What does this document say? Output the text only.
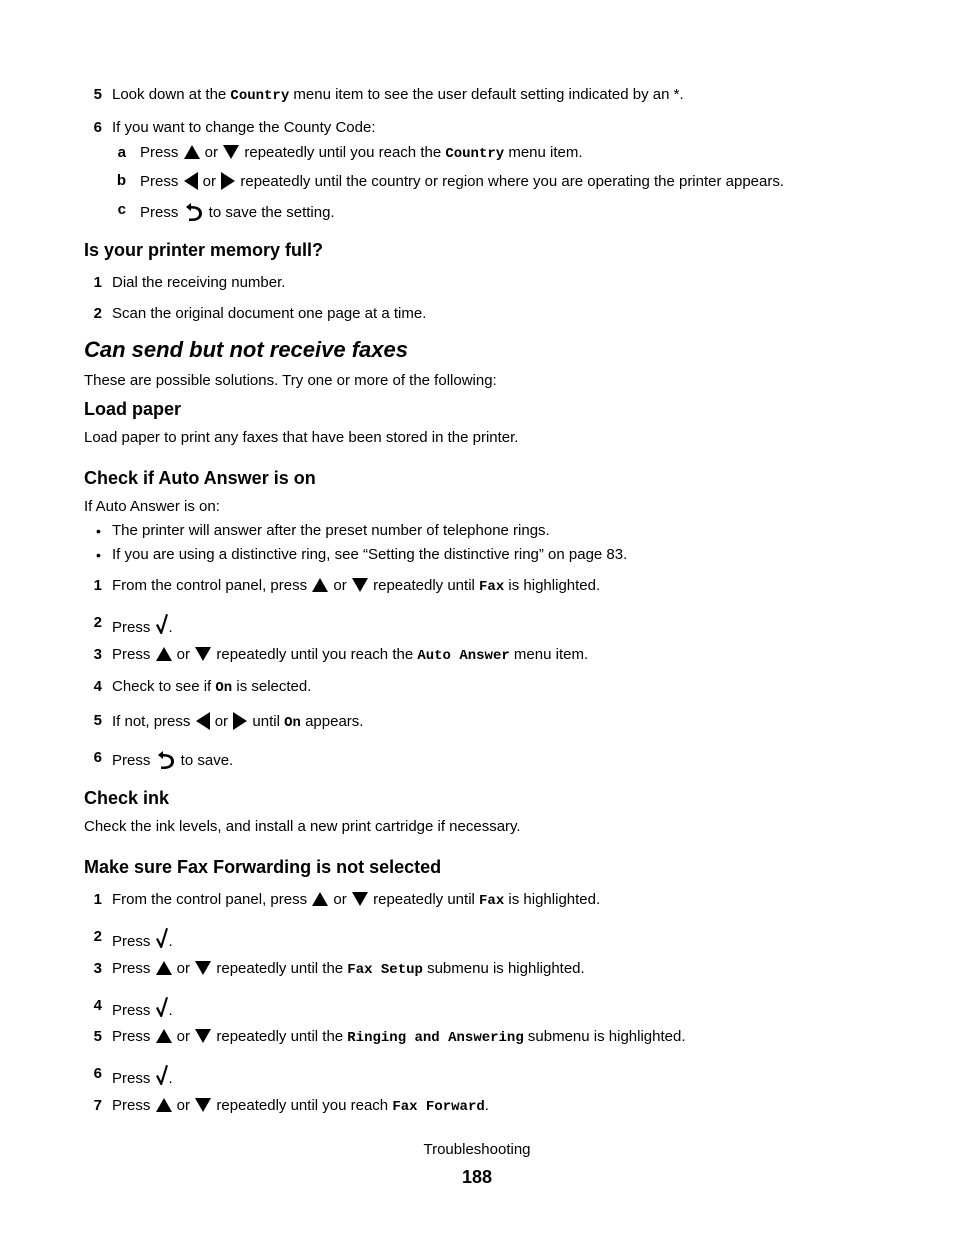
5 Look down at the Country menu item to see the user default setting indicated by an *.
6 If you want to change the County Code:
a Press  or  repeatedly until you reach the Country menu item.
b Press  or  repeatedly until the country or region where you are operating the printer appears.
c Press  to save the setting.
Is your printer memory full?
1 Dial the receiving number.
2 Scan the original document one page at a time.
Can send but not receive faxes

These are possible solutions. Try one or more of the following:

Load paper

Load paper to print any faxes that have been stored in the printer.

Check if Auto Answer is on

If Auto Answer is on:

• The printer will answer after the preset number of telephone rings.
• If you are using a distinctive ring, see “Setting the distinctive ring” on page 83.
1 From the control panel, press  or  repeatedly until Fax is highlighted.
2 Press .
3 Press  or  repeatedly until you reach the Auto Answer menu item.
4 Check to see if On is selected.
5 If not, press  or  until On appears.
6 Press  to save.
Check ink

Check the ink levels, and install a new print cartridge if necessary.

Make sure Fax Forwarding is not selected
1 From the control panel, press  or  repeatedly until Fax is highlighted.
2 Press .
3 Press  or  repeatedly until the Fax Setup submenu is highlighted.
4 Press .
5 Press  or  repeatedly until the Ringing and Answering submenu is highlighted.
6 Press .
7 Press  or  repeatedly until you reach Fax Forward.
Troubleshooting
188
